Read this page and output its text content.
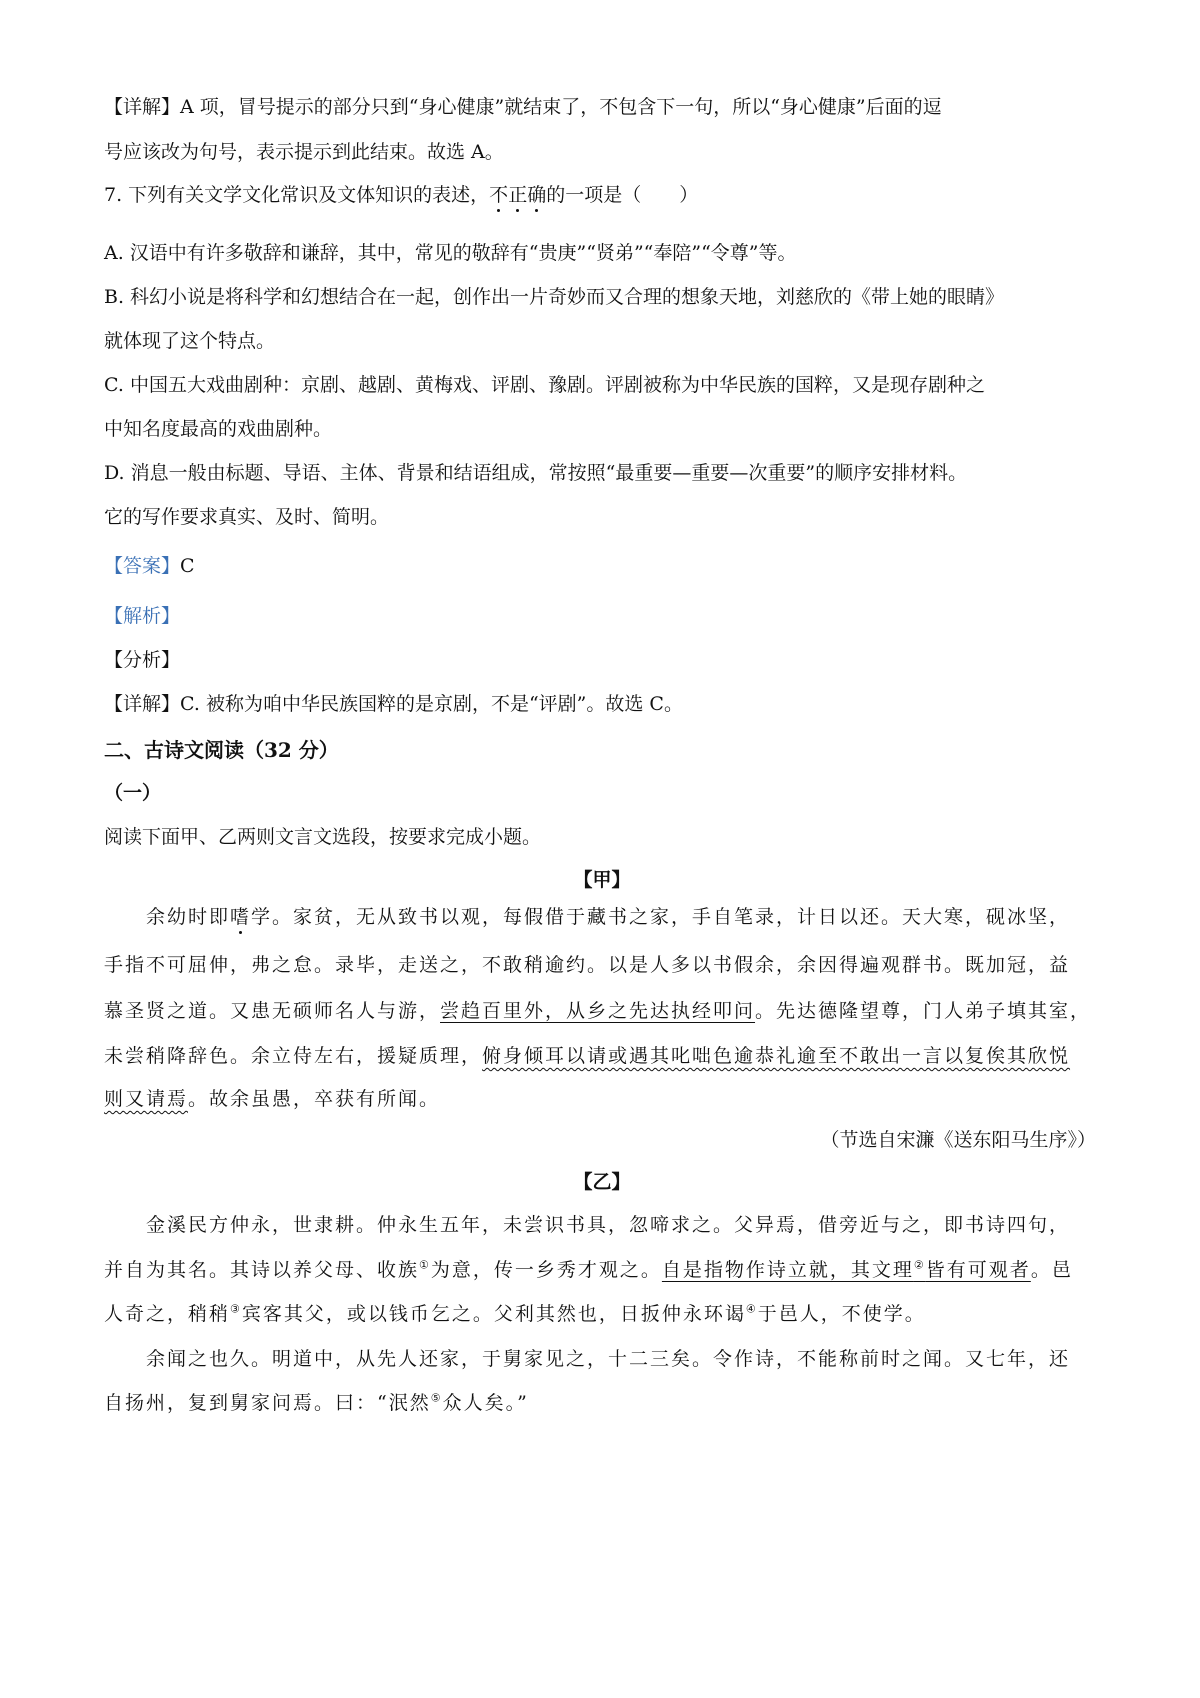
【详解】A 项，冒号提示的部分只到“身心健康”就结束了，不包含下一句，所以“身心健康”后面的逗
号应该改为句号，表示提示到此结束。故选 A。
7. 下列有关文学文化常识及文体知识的表述，不正确的一项是（　　）
A. 汉语中有许多敬辞和谦辞，其中，常见的敬辞有“贵庚”“贤弟”“奉陪”“令尊”等。
B. 科幻小说是将科学和幻想结合在一起，创作出一片奇妙而又合理的想象天地，刘慈欣的《带上她的眼睛》
就体现了这个特点。
C. 中国五大戏曲剧种：京剧、越剧、黄梅戏、评剧、豫剧。评剧被称为中华民族的国粹，又是现存剧种之
中知名度最高的戏曲剧种。
D. 消息一般由标题、导语、主体、背景和结语组成，常按照“最重要—重要—次重要”的顺序安排材料。
它的写作要求真实、及时、简明。
【答案】C
【解析】
【分析】
【详解】C. 被称为咱中华民族国粹的是京剧，不是“评剧”。故选 C。
二、古诗文阅读（32 分）
（一）
阅读下面甲、乙两则文言文选段，按要求完成小题。
【甲】
　　余幼时即嗜学。家贫，无从致书以观，每假借于藏书之家，手自笔录，计日以还。天大寒，砚冰坚，
手指不可屈伸，弗之怠。录毕，走送之，不敢稍逾约。以是人多以书假余，余因得遍观群书。既加冠，益
慕圣贤之道。又患无硕师名人与游，尝趋百里外，从乡之先达执经叩问。先达德隆望尊，门人弟子填其室，
未尝稍降辞色。余立侍左右，援疑质理，俯身倾耳以请或遇其叱咄色逾恭礼逾至不敢出一言以复俟其欣悦
则又请焉。故余虽愚，卒获有所闻。
（节选自宋濂《送东阳马生序》）
【乙】
　　金溪民方仲永，世隶耕。仲永生五年，未尝识书具，忽啼求之。父异焉，借旁近与之，即书诗四句，
并自为其名。其诗以养父母、收族①为意，传一乡秀才观之。自是指物作诗立就，其文理②皆有可观者。邑
人奇之，稍稍③宾客其父，或以钱币乞之。父利其然也，日扳仲永环谒④于邑人，不使学。
　　余闻之也久。明道中，从先人还家，于舅家见之，十二三矣。令作诗，不能称前时之闻。又七年，还
自扬州，复到舅家问焉。曰：“泯然⑤众人矣。”
